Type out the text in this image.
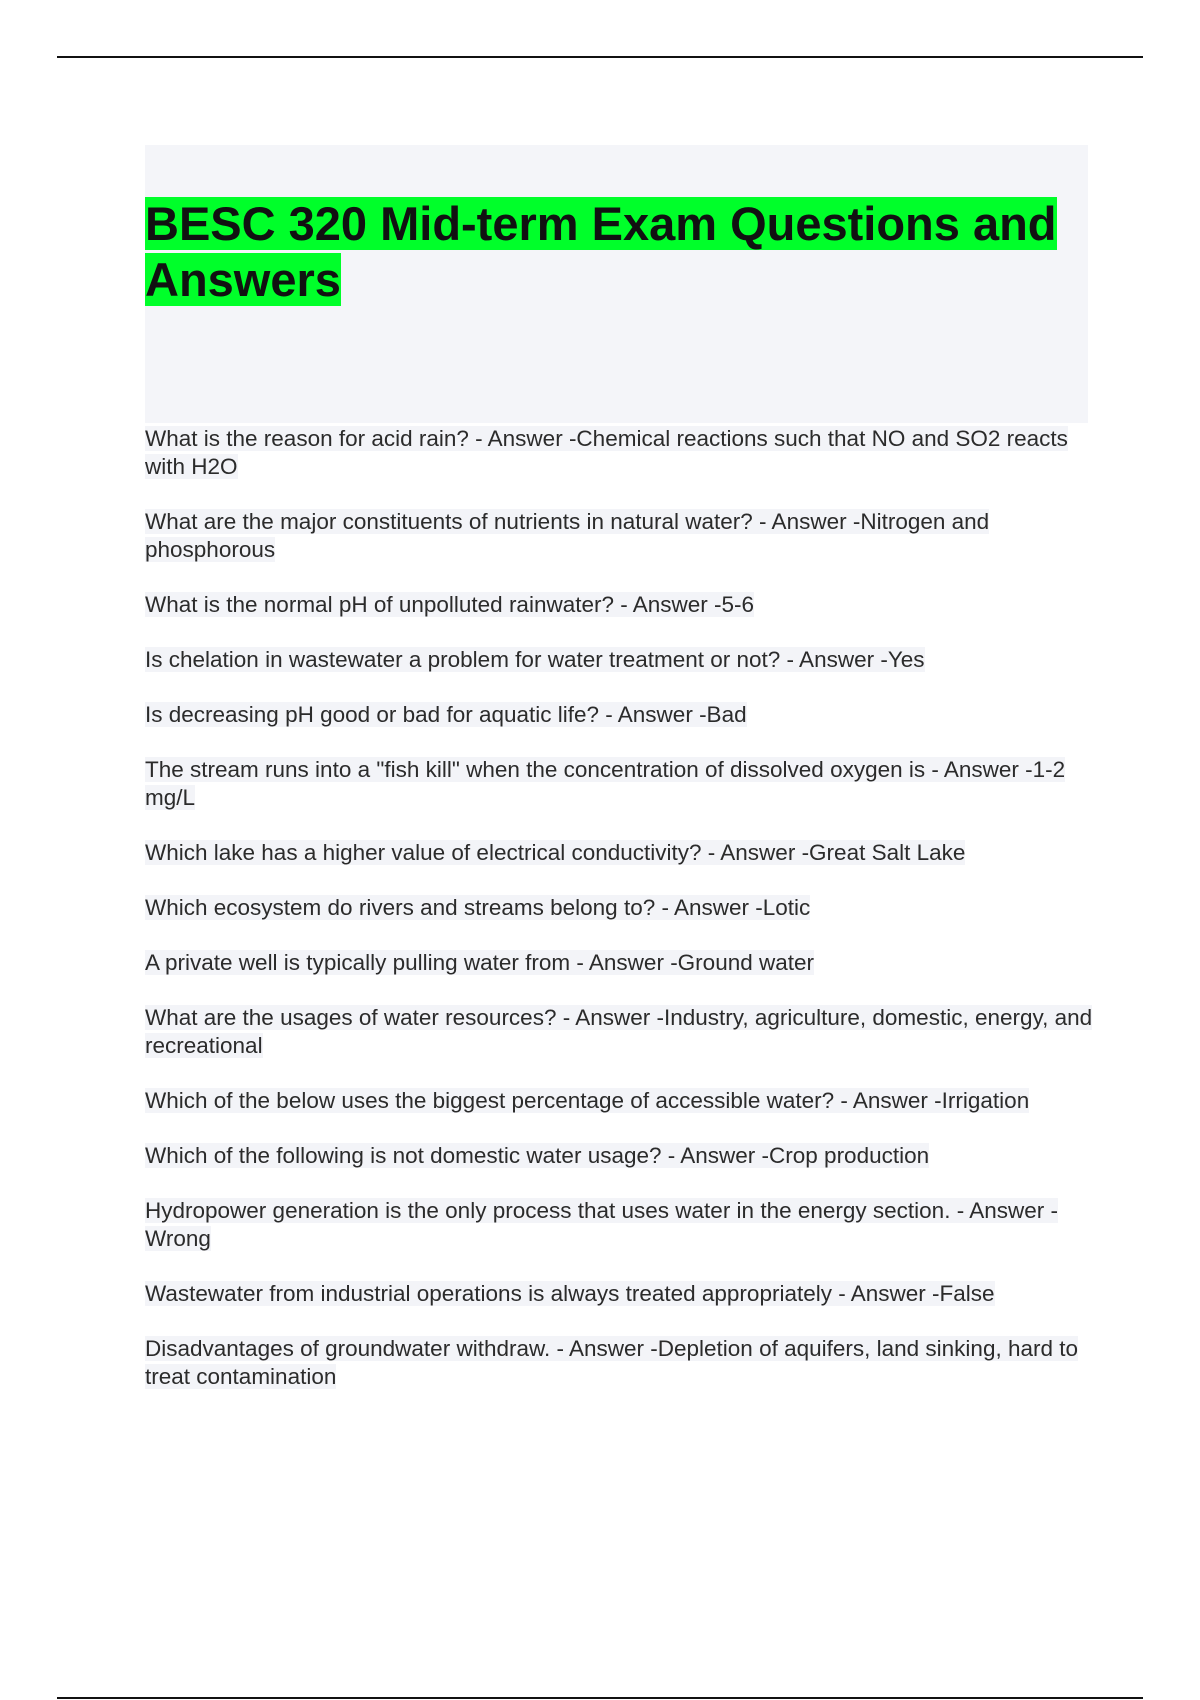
BESC 320 Mid-term Exam Questions and Answers
What is the reason for acid rain? - Answer -Chemical reactions such that NO and SO2 reacts with H2O
What are the major constituents of nutrients in natural water? - Answer -Nitrogen and phosphorous
What is the normal pH of unpolluted rainwater? - Answer -5-6
Is chelation in wastewater a problem for water treatment or not? - Answer -Yes
Is decreasing pH good or bad for aquatic life? - Answer -Bad
The stream runs into a "fish kill" when the concentration of dissolved oxygen is - Answer -1-2 mg/L
Which lake has a higher value of electrical conductivity? - Answer -Great Salt Lake
Which ecosystem do rivers and streams belong to? - Answer -Lotic
A private well is typically pulling water from - Answer -Ground water
What are the usages of water resources? - Answer -Industry, agriculture, domestic, energy, and recreational
Which of the below uses the biggest percentage of accessible water? - Answer -Irrigation
Which of the following is not domestic water usage? - Answer -Crop production
Hydropower generation is the only process that uses water in the energy section. - Answer -Wrong
Wastewater from industrial operations is always treated appropriately - Answer -False
Disadvantages of groundwater withdraw. - Answer -Depletion of aquifers, land sinking, hard to treat contamination
